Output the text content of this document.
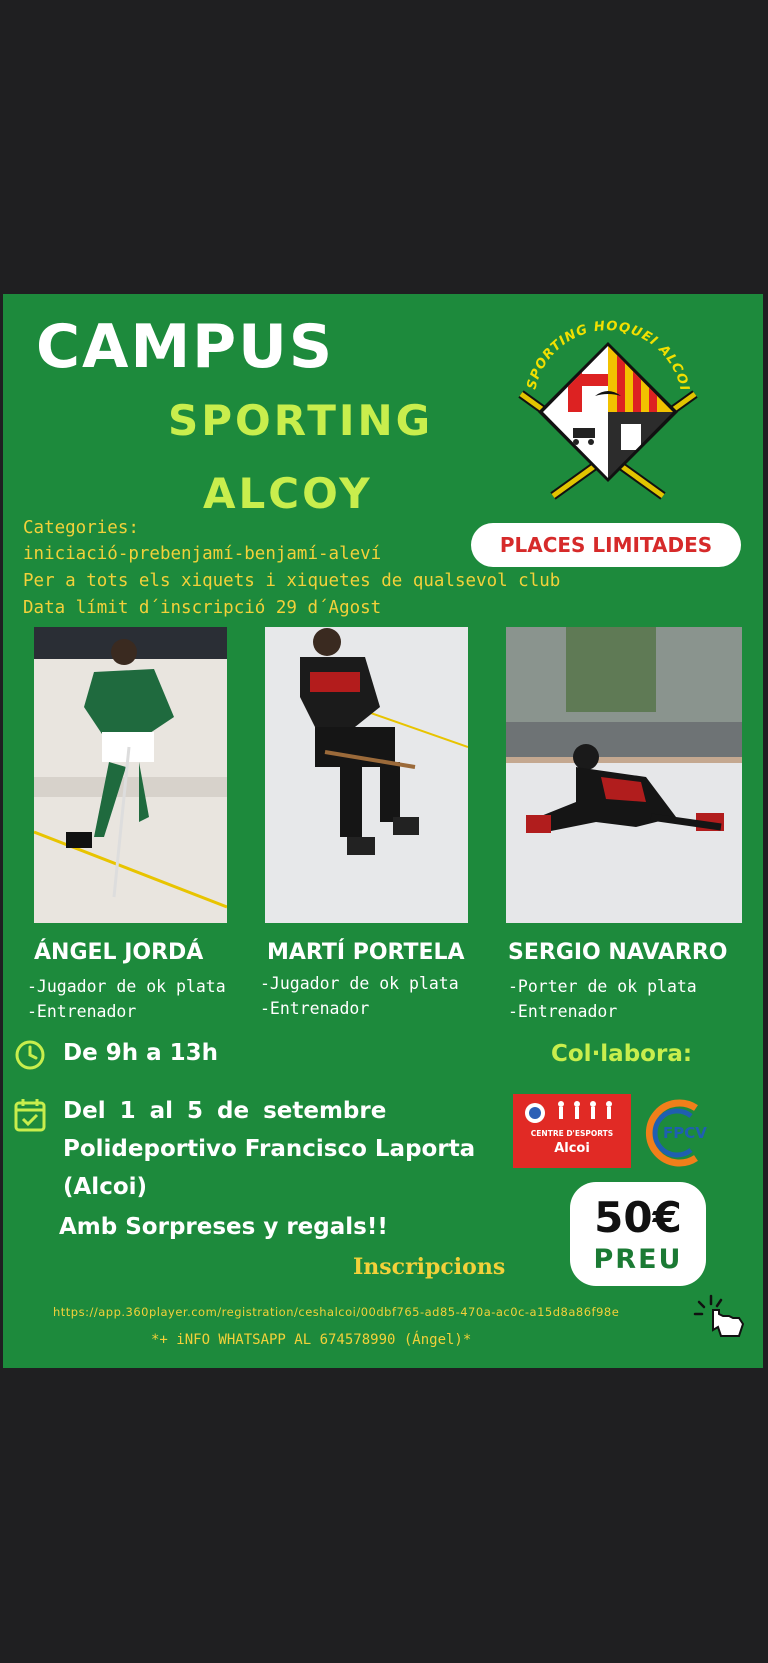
CAMPUS
SPORTING
ALCOY
SPORTING HOQUEI ALCOI
PLACES LIMITADES
Categories:
iniciació-prebenjamí-benjamí-aleví
Per a tots els xiquets i xiquetes de qualsevol club
Data límit d´inscripció 29 d´Agost
ÁNGEL JORDÁ
-Jugador de ok plata
-Entrenador
MARTÍ PORTELA
-Jugador de ok plata
-Entrenador
SERGIO NAVARRO
-Porter de ok plata
-Entrenador
De 9h a 13h	Col·labora:
Del 1 al 5 de setembre
Polideportivo Francisco Laporta
(Alcoi)
Amb Sorpreses y regals!!
CENTRE D'ESPORTS
Alcoi
FPCV
50€
PREU
Inscripcions
https://app.360player.com/registration/ceshalcoi/00dbf765-ad85-470a-ac0c-a15d8a86f98e
*+ iNFO WHATSAPP AL 674578990 (Ángel)*
